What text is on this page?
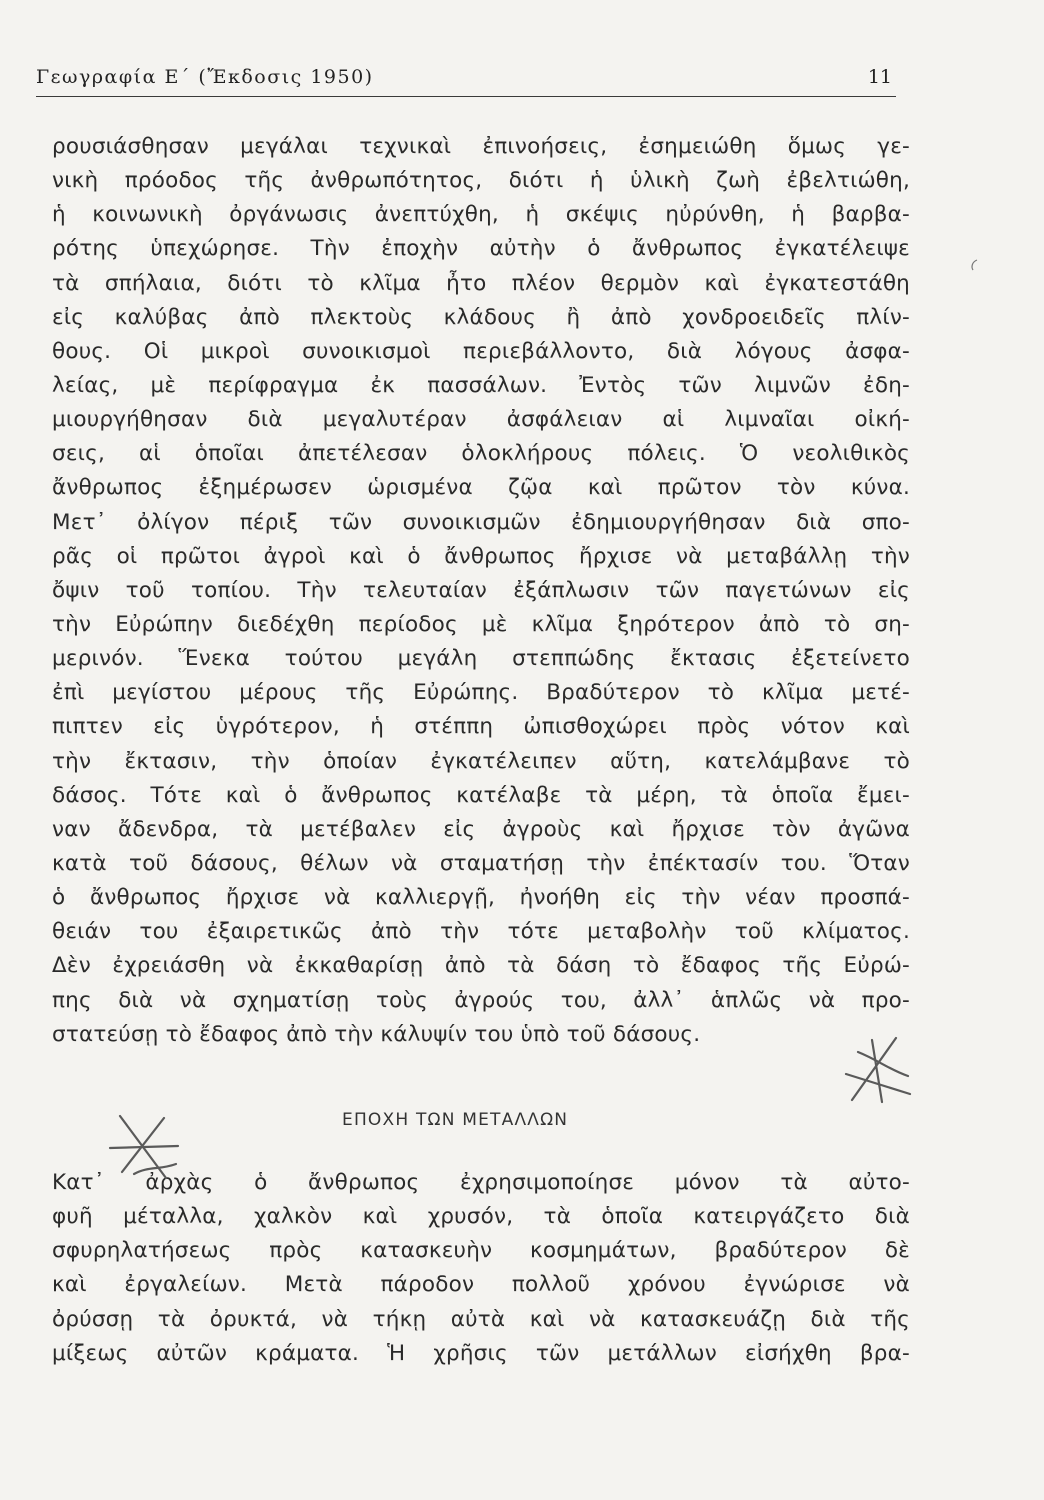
Γεωγραφία Ε΄ (Ἔκδοσις 1950)	11
ρουσιάσθησαν μεγάλαι τεχνικαὶ ἐπινοήσεις, ἐσημειώθη ὅμως γε-
νικὴ πρόοδος τῆς ἀνθρωπότητος, διότι ἡ ὑλικὴ ζωὴ ἐβελτιώθη,
ἡ κοινωνικὴ ὀργάνωσις ἀνεπτύχθη, ἡ σκέψις ηὐρύνθη, ἡ βαρβα-
ρότης ὑπεχώρησε. Τὴν ἐποχὴν αὐτὴν ὁ ἄνθρωπος ἐγκατέλειψε
τὰ σπήλαια, διότι τὸ κλῖμα ἦτο πλέον θερμὸν καὶ ἐγκατεστάθη
εἰς καλύβας ἀπὸ πλεκτοὺς κλάδους ἢ ἀπὸ χονδροειδεῖς πλίν-
θους. Οἱ μικροὶ συνοικισμοὶ περιεβάλλοντο, διὰ λόγους ἀσφα-
λείας, μὲ περίφραγμα ἐκ πασσάλων. Ἐντὸς τῶν λιμνῶν ἐδη-
μιουργήθησαν διὰ μεγαλυτέραν ἀσφάλειαν αἱ λιμναῖαι οἰκή-
σεις, αἱ ὁποῖαι ἀπετέλεσαν ὁλοκλήρους πόλεις. Ὁ νεολιθικὸς
ἄνθρωπος ἐξημέρωσεν ὡρισμένα ζῷα καὶ πρῶτον τὸν κύνα.
Μετ᾿ ὀλίγον πέριξ τῶν συνοικισμῶν ἐδημιουργήθησαν διὰ σπο-
ρᾶς οἱ πρῶτοι ἀγροὶ καὶ ὁ ἄνθρωπος ἤρχισε νὰ μεταβάλλῃ τὴν
ὄψιν τοῦ τοπίου. Τὴν τελευταίαν ἐξάπλωσιν τῶν παγετώνων εἰς
τὴν Εὐρώπην διεδέχθη περίοδος μὲ κλῖμα ξηρότερον ἀπὸ τὸ ση-
μερινόν. Ἕνεκα τούτου μεγάλη στεππώδης ἔκτασις ἐξετείνετο
ἐπὶ μεγίστου μέρους τῆς Εὐρώπης. Βραδύτερον τὸ κλῖμα μετέ-
πιπτεν εἰς ὑγρότερον, ἡ στέππη ὠπισθοχώρει πρὸς νότον καὶ
τὴν ἔκτασιν, τὴν ὁποίαν ἐγκατέλειπεν αὕτη, κατελάμβανε τὸ
δάσος. Τότε καὶ ὁ ἄνθρωπος κατέλαβε τὰ μέρη, τὰ ὁποῖα ἔμει-
ναν ἄδενδρα, τὰ μετέβαλεν εἰς ἀγροὺς καὶ ἤρχισε τὸν ἀγῶνα
κατὰ τοῦ δάσους, θέλων νὰ σταματήσῃ τὴν ἐπέκτασίν του. Ὅταν
ὁ ἄνθρωπος ἤρχισε νὰ καλλιεργῇ, ἠνοήθη εἰς τὴν νέαν προσπά-
θειάν του ἐξαιρετικῶς ἀπὸ τὴν τότε μεταβολὴν τοῦ κλίματος.
Δὲν ἐχρειάσθη νὰ ἐκκαθαρίσῃ ἀπὸ τὰ δάση τὸ ἔδαφος τῆς Εὐρώ-
πης διὰ νὰ σχηματίσῃ τοὺς ἀγρούς του, ἀλλ᾿ ἁπλῶς νὰ προ-
στατεύσῃ τὸ ἔδαφος ἀπὸ τὴν κάλυψίν του ὑπὸ τοῦ δάσους.
ΕΠΟΧΗ ΤΩΝ ΜΕΤΑΛΛΩΝ
Κατ᾿ ἀρχὰς ὁ ἄνθρωπος ἐχρησιμοποίησε μόνον τὰ αὐτο-
φυῆ μέταλλα, χαλκὸν καὶ χρυσόν, τὰ ὁποῖα κατειργάζετο διὰ
σφυρηλατήσεως πρὸς κατασκευὴν κοσμημάτων, βραδύτερον δὲ
καὶ ἐργαλείων. Μετὰ πάροδον πολλοῦ χρόνου ἐγνώρισε νὰ
ὀρύσσῃ τὰ ὀρυκτά, νὰ τήκῃ αὐτὰ καὶ νὰ κατασκευάζῃ διὰ τῆς
μίξεως αὐτῶν κράματα. Ἡ χρῆσις τῶν μετάλλων εἰσήχθη βρα-
